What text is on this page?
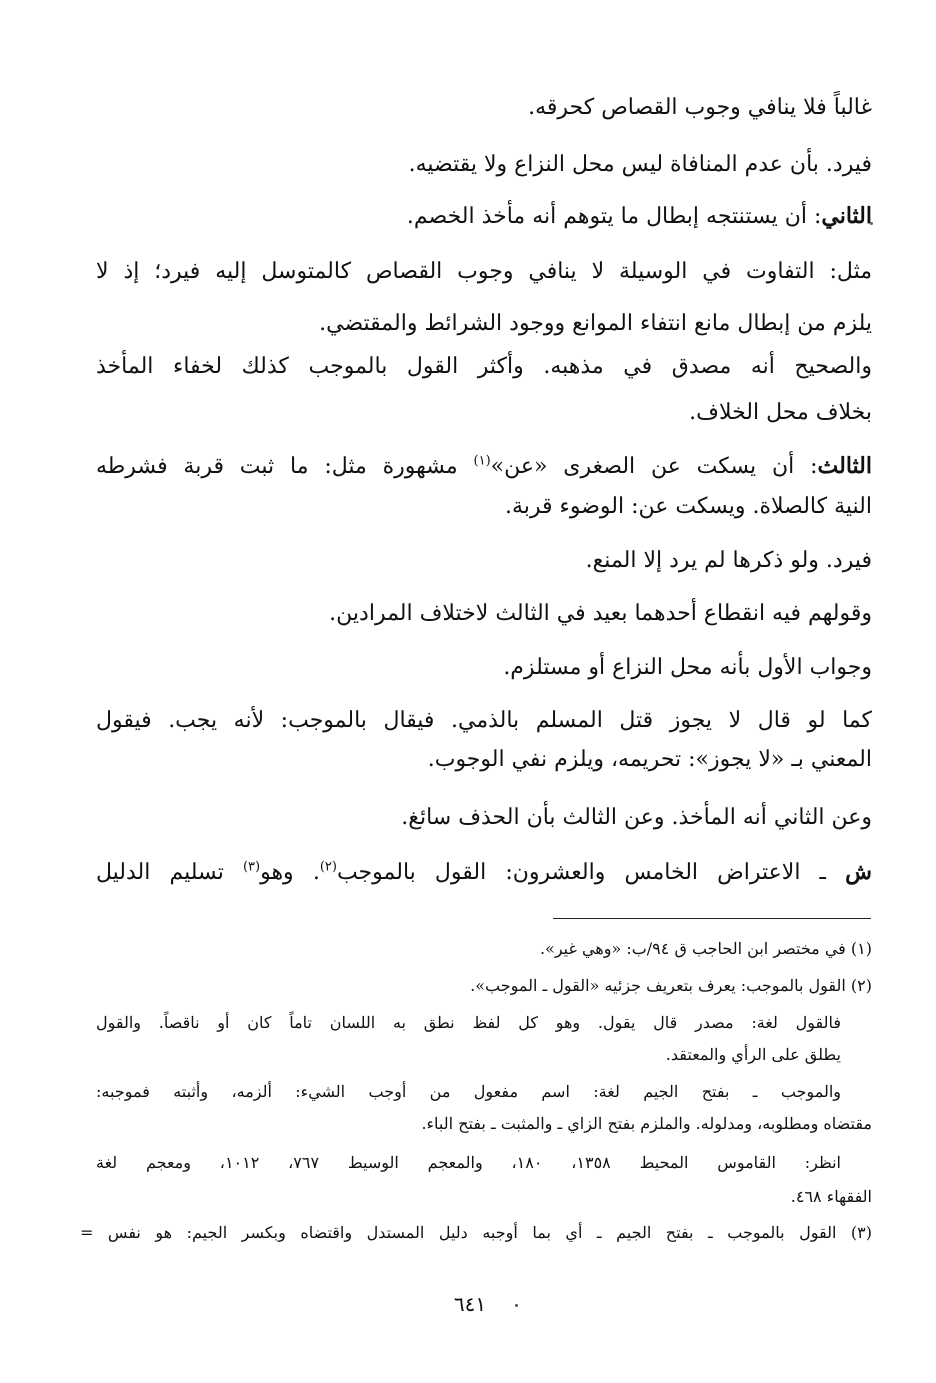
غالباً فلا ينافي وجوب القصاص كحرقه.
فيرد. بأن عدم المنافاة ليس محل النزاع ولا يقتضيه.
الثاني: أن يستنتجه إبطال ما يتوهم أنه مأخذ الخصم.
مثل: التفاوت في الوسيلة لا ينافي وجوب القصاص كالمتوسل إليه فيرد؛ إذ لا
يلزم من إبطال مانع انتفاء الموانع ووجود الشرائط والمقتضي.
والصحيح أنه مصدق في مذهبه. وأكثر القول بالموجب كذلك لخفاء المأخذ
بخلاف محل الخلاف.
الثالث: أن يسكت عن الصغرى «عن»$^{(١)}$ مشهورة مثل: ما ثبت قربة فشرطه
النية كالصلاة. ويسكت عن: الوضوء قربة.
فيرد. ولو ذكرها لم يرد إلا المنع.
وقولهم فيه انقطاع أحدهما بعيد في الثالث لاختلاف المرادين.
وجواب الأول بأنه محل النزاع أو مستلزم.
كما لو قال لا يجوز قتل المسلم بالذمي. فيقال بالموجب: لأنه يجب. فيقول
المعني بـ «لا يجوز»: تحريمه، ويلزم نفي الوجوب.
وعن الثاني أنه المأخذ. وعن الثالث بأن الحذف سائغ.
ش ـ الاعتراض الخامس والعشرون: القول بالموجب$^{(٢)}$. وهو$^{(٣)}$ تسليم الدليل
(١) في مختصر ابن الحاجب ق ٩٤/ب: «وهي غير».
(٢) القول بالموجب: يعرف بتعريف جزئيه «القول ـ الموجب».
فالقول لغة: مصدر قال يقول. وهو كل لفظ نطق به اللسان تاماً كان أو ناقصاً. والقول
يطلق على الرأي والمعتقد.
والموجب ـ بفتح الجيم لغة: اسم مفعول من أوجب الشيء: ألزمه، وأثبته فموجبه:
مقتضاه ومطلوبه، ومدلوله. والملزم بفتح الزاي ـ والمثبت ـ بفتح الباء.
انظر: القاموس المحيط ١٣٥٨، ١٨٠، والمعجم الوسيط ٧٦٧، ١٠١٢، ومعجم لغة
الفقهاء ٤٦٨.
(٣) القول بالموجب ـ بفتح الجيم ـ أي بما أوجبه دليل المستدل واقتضاه وبكسر الجيم: هو نفس =
٦٤١
